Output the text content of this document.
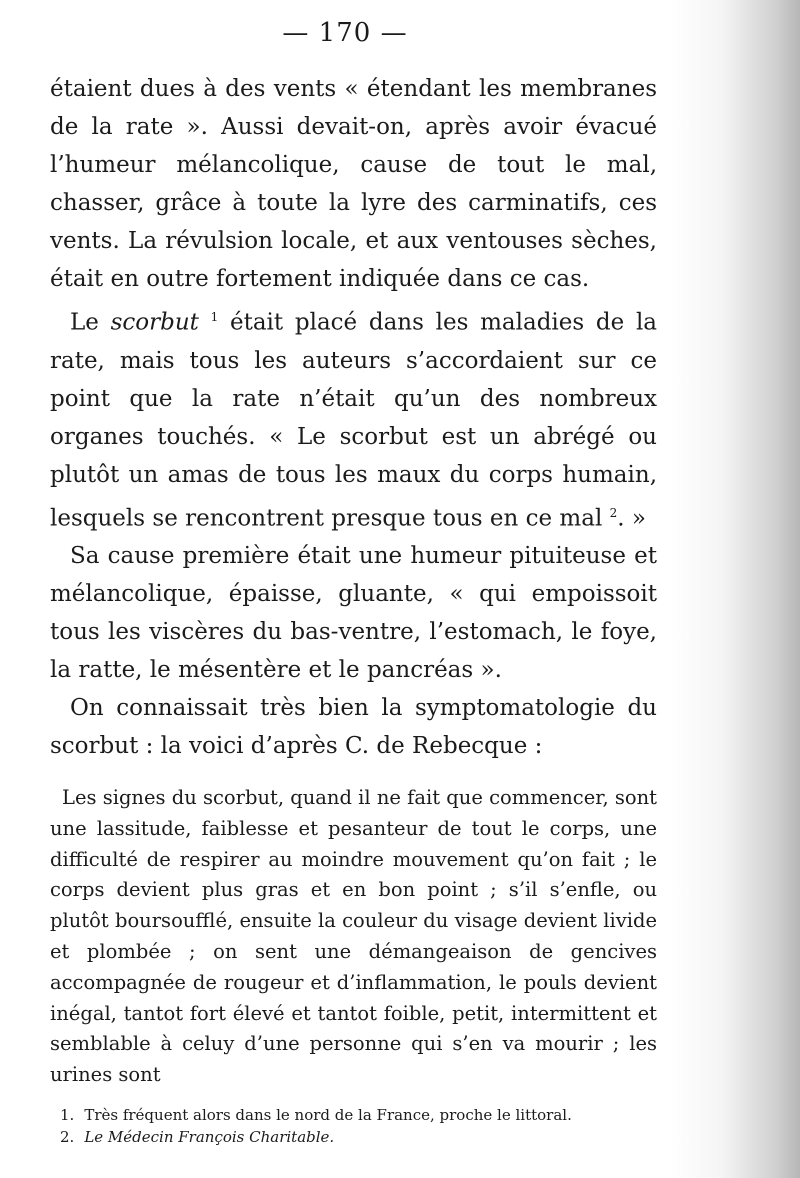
— 170 —

étaient dues à des vents « étendant les membranes de la rate ». Aussi devait-on, après avoir évacué l’humeur mélancolique, cause de tout le mal, chasser, grâce à toute la lyre des carminatifs, ces vents. La révulsion locale, et aux ventouses sèches, était en outre fortement indiquée dans ce cas.

Le scorbut $^1$ était placé dans les maladies de la rate, mais tous les auteurs s’accordaient sur ce point que la rate n’était qu’un des nombreux organes touchés. « Le scorbut est un abrégé ou plutôt un amas de tous les maux du corps humain, lesquels se rencontrent presque tous en ce mal $^2$. »

Sa cause première était une humeur pituiteuse et mélancolique, épaisse, gluante, « qui empoissoit tous les viscères du bas-ventre, l’estomach, le foye, la ratte, le mésentère et le pancréas ».

On connaissait très bien la symptomatologie du scorbut : la voici d’après C. de Rebecque :

Les signes du scorbut, quand il ne fait que commencer, sont une lassitude, faiblesse et pesanteur de tout le corps, une difficulté de respirer au moindre mouvement qu’on fait ; le corps devient plus gras et en bon point ; s’il s’enfle, ou plutôt boursoufflé, ensuite la couleur du visage devient livide et plombée ; on sent une démangeaison de gencives accompagnée de rougeur et d’inflammation, le pouls devient inégal, tantot fort élevé et tantot foible, petit, intermittent et semblable à celuy d’une personne qui s’en va mourir ; les urines sont

1. Très fréquent alors dans le nord de la France, proche le littoral.

2. Le Médecin François Charitable.
